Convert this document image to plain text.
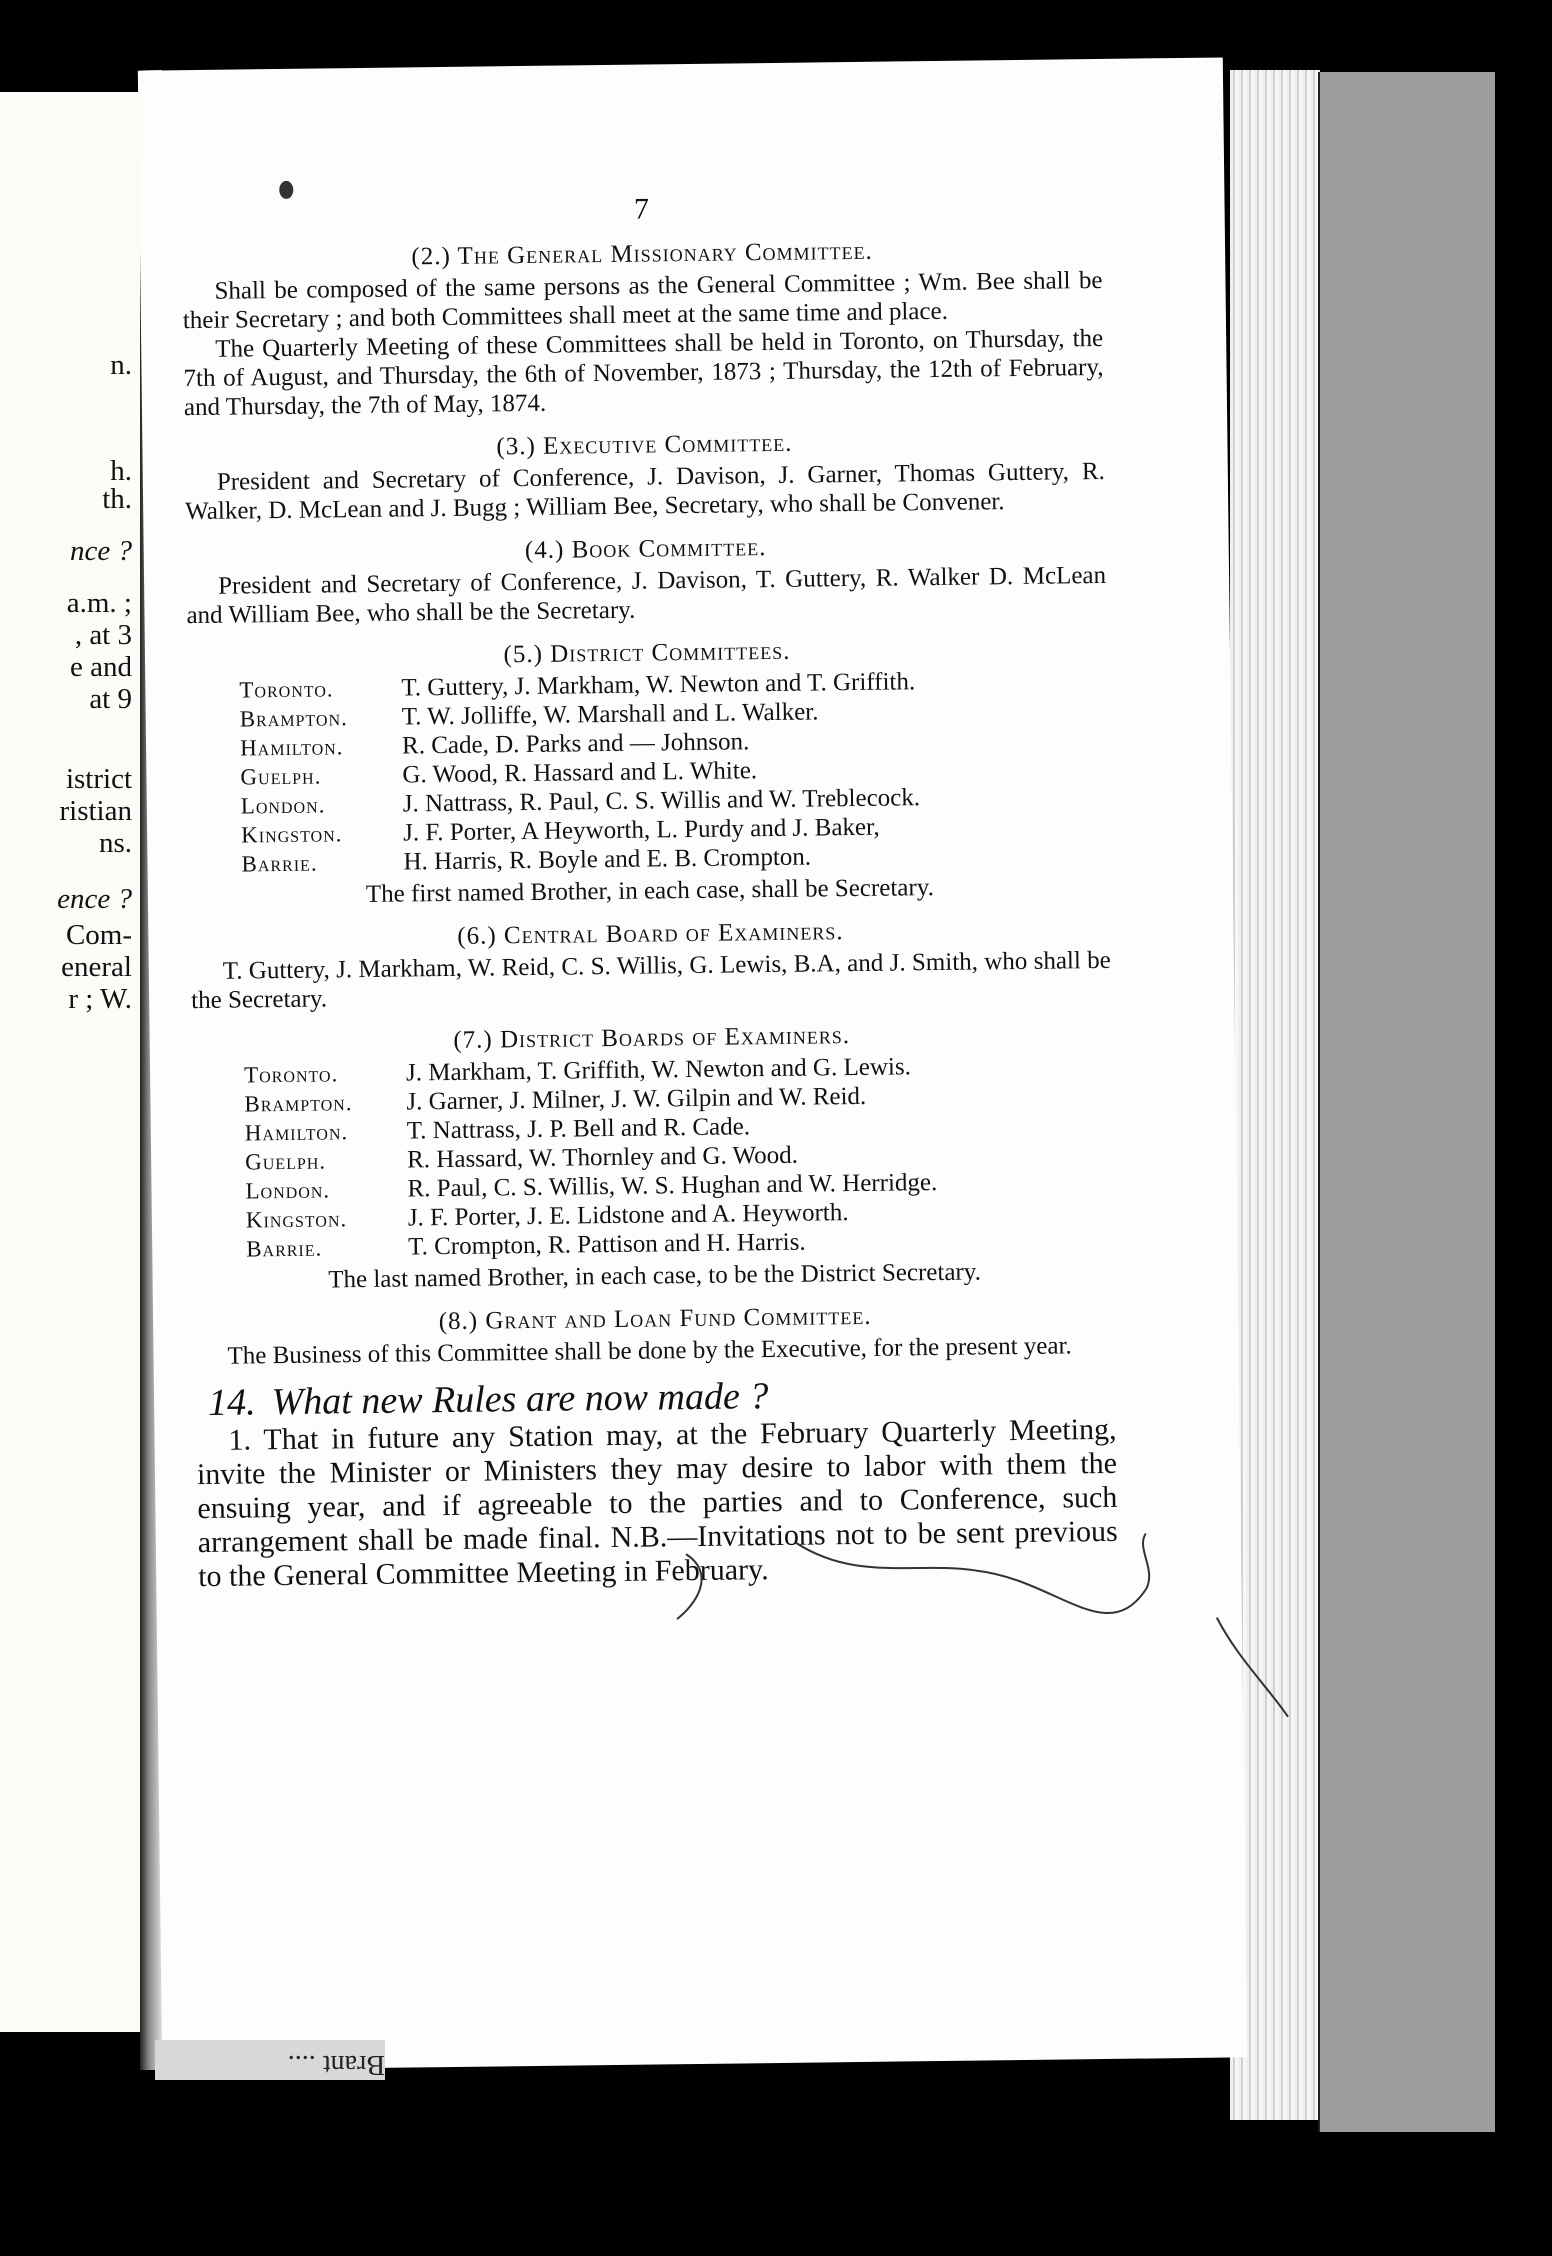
n.
h.
th.
nce ?
a.m. ;
, at 3
e and
at 9
istrict
ristian
ns.
ence ?
Com-
eneral
r ; W.
7
(2.) The General Missionary Committee.

Shall be composed of the same persons as the General Committee ; Wm. Bee shall be their Secretary ; and both Committees shall meet at the same time and place.

The Quarterly Meeting of these Committees shall be held in Toronto, on Thursday, the 7th of August, and Thursday, the 6th of November, 1873 ; Thursday, the 12th of February, and Thursday, the 7th of May, 1874.

(3.) Executive Committee.

President and Secretary of Conference, J. Davison, J. Garner, Thomas Guttery, R. Walker, D. McLean and J. Bugg ; William Bee, Secretary, who shall be Convener.

(4.) Book Committee.

President and Secretary of Conference, J. Davison, T. Guttery, R. Walker D. McLean and William Bee, who shall be the Secretary.

(5.) District Committees.
Toronto.	T. Guttery, J. Markham, W. Newton and T. Griffith.
Brampton.	T. W. Jolliffe, W. Marshall and L. Walker.
Hamilton.	R. Cade, D. Parks and — Johnson.
Guelph.	G. Wood, R. Hassard and L. White.
London.	J. Nattrass, R. Paul, C. S. Willis and W. Treblecock.
Kingston.	J. F. Porter, A Heyworth, L. Purdy and J. Baker,
Barrie.	H. Harris, R. Boyle and E. B. Crompton.
The first named Brother, in each case, shall be Secretary.
(6.) Central Board of Examiners.

T. Guttery, J. Markham, W. Reid, C. S. Willis, G. Lewis, B.A, and J. Smith, who shall be the Secretary.

(7.) District Boards of Examiners.
Toronto.	J. Markham, T. Griffith, W. Newton and G. Lewis.
Brampton.	J. Garner, J. Milner, J. W. Gilpin and W. Reid.
Hamilton.	T. Nattrass, J. P. Bell and R. Cade.
Guelph.	R. Hassard, W. Thornley and G. Wood.
London.	R. Paul, C. S. Willis, W. S. Hughan and W. Herridge.
Kingston.	J. F. Porter, J. E. Lidstone and A. Heyworth.
Barrie.	T. Crompton, R. Pattison and H. Harris.
The last named Brother, in each case, to be the District Secretary.
(8.) Grant and Loan Fund Committee.

The Business of this Committee shall be done by the Executive, for the present year.

14. What new Rules are now made ?

1. That in future any Station may, at the February Quarterly Meeting, invite the Minister or Ministers they may desire to labor with them the ensuing year, and if agreeable to the parties and to Conference, such arrangement shall be made final. N.B.—Invitations not to be sent previous to the General Committee Meeting in February.

Brant ....
